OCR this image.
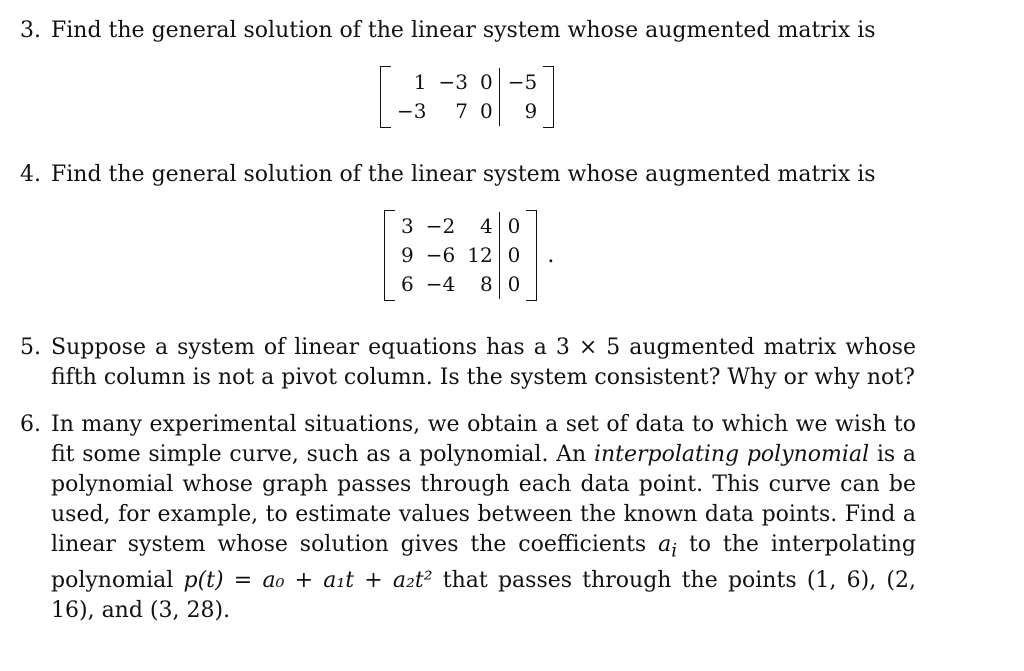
3. Find the general solution of the linear system whose augmented matrix is
1	−3	0	−5
−3	7	0	9
4. Find the general solution of the linear system whose augmented matrix is
3	−2	4	0
9	−6	12	0
6	−4	8	0
.
5. Suppose a system of linear equations has a 3 × 5 augmented matrix whose fifth column is not a pivot column. Is the system consistent? Why or why not?
6. In many experimental situations, we obtain a set of data to which we wish to fit some simple curve, such as a polynomial. An interpolating polynomial is a polynomial whose graph passes through each data point. This curve can be used, for example, to estimate values between the known data points. Find a linear system whose solution gives the coefficients $a_i$ to the interpolating polynomial p(t) = a₀ + a₁t + a₂t² that passes through the points (1, 6), (2, 16), and (3, 28).
